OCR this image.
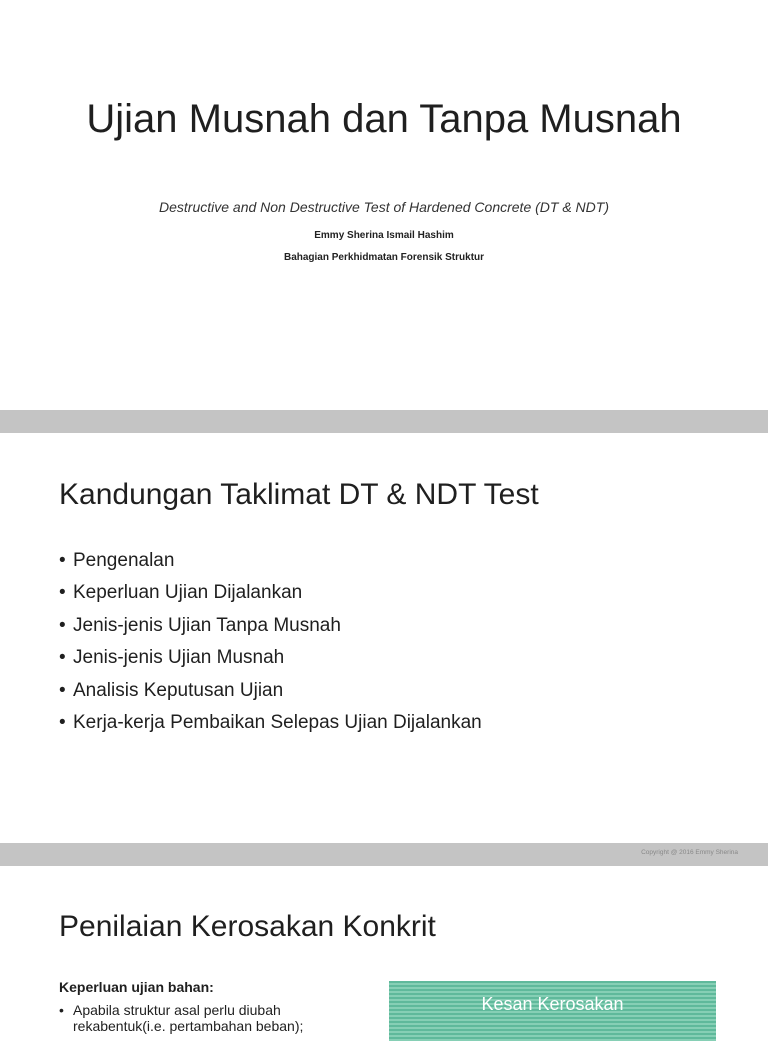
Ujian Musnah dan Tanpa Musnah
Destructive and Non Destructive Test of Hardened Concrete (DT & NDT)
Emmy Sherina Ismail Hashim
Bahagian Perkhidmatan Forensik Struktur
Kandungan Taklimat DT & NDT Test
• Pengenalan
• Keperluan Ujian Dijalankan
• Jenis-jenis Ujian Tanpa Musnah
• Jenis-jenis Ujian Musnah
• Analisis Keputusan Ujian
• Kerja-kerja Pembaikan Selepas Ujian Dijalankan
Copyright @ 2016 Emmy Sherina
Penilaian Kerosakan Konkrit
Keperluan ujian bahan:
• Apabila struktur asal perlu diubah
rekabentuk(i.e. pertambahan beban);
Kesan Kerosakan
